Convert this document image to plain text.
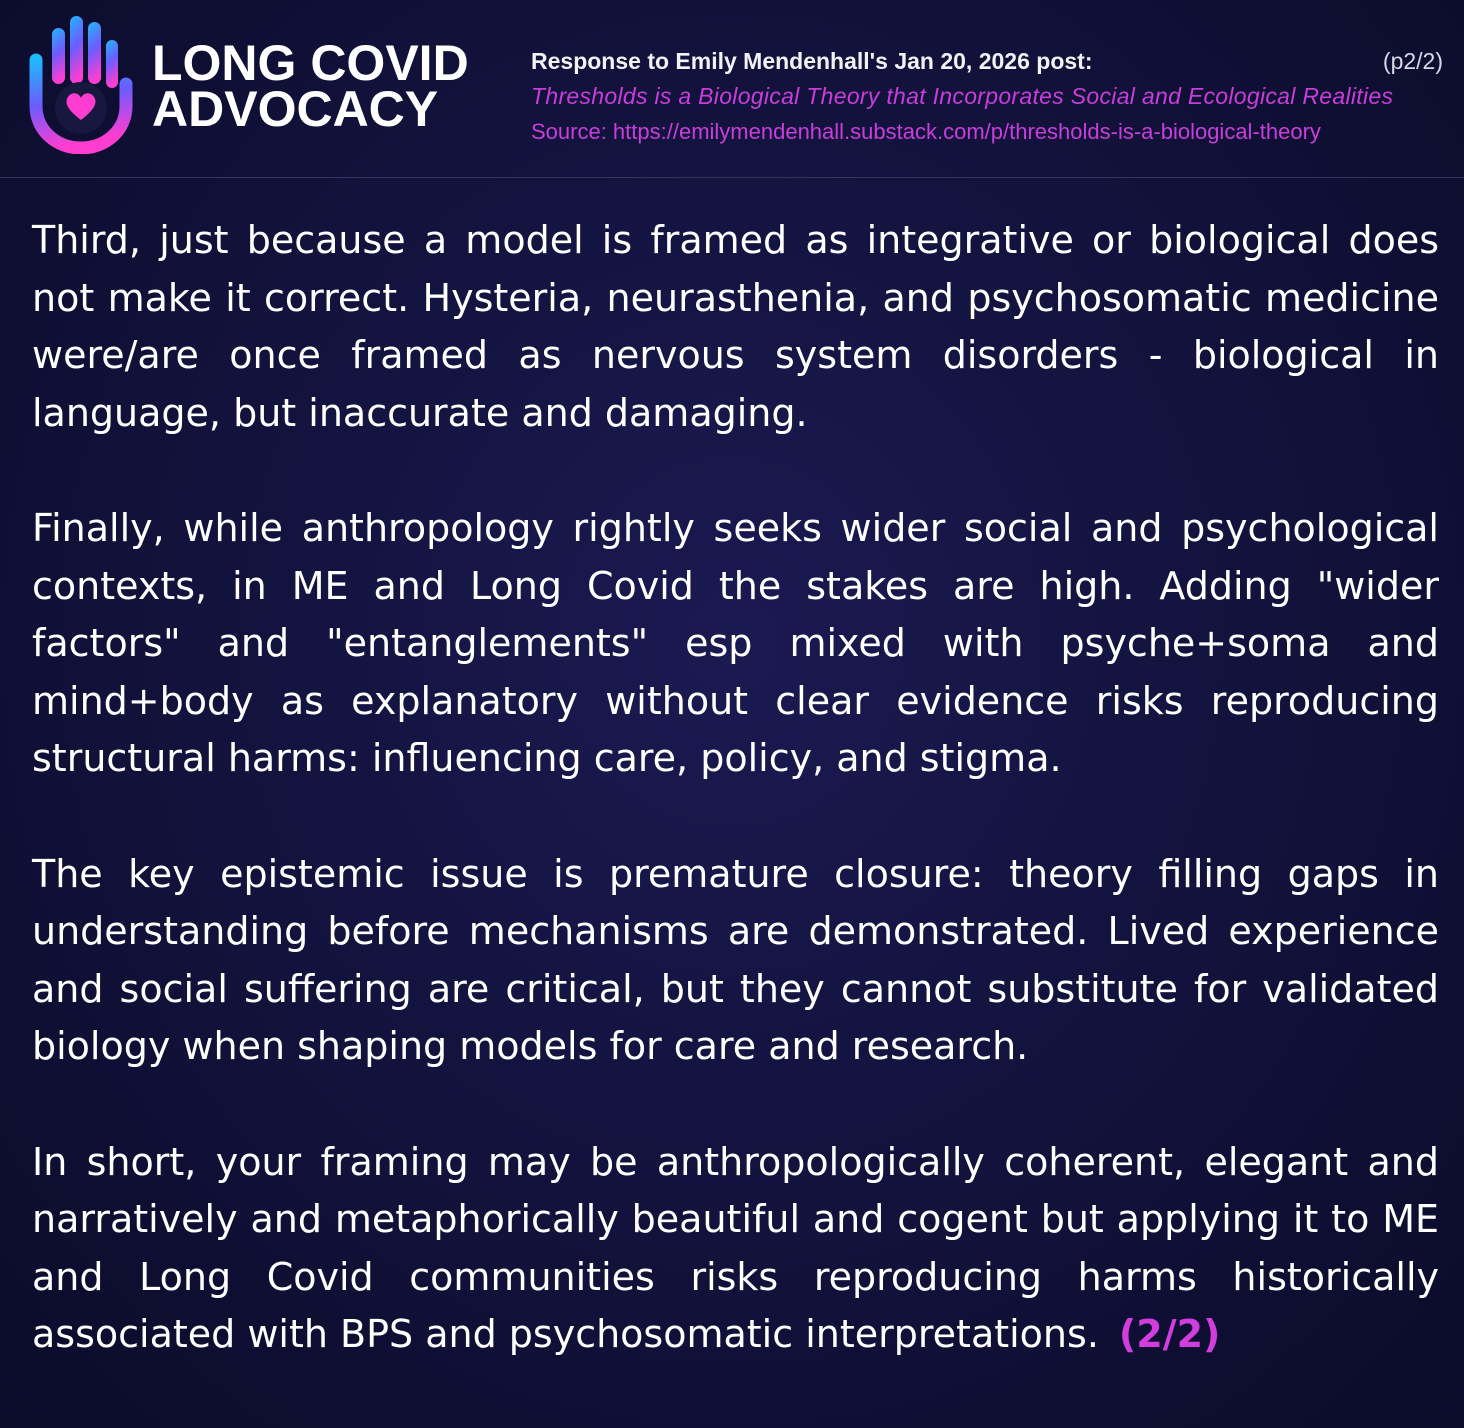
LONG COVID
ADVOCACY
Response to Emily Mendenhall's Jan 20, 2026 post:	(p2/2)
Thresholds is a Biological Theory that Incorporates Social and Ecological Realities
Source: https://emilymendenhall.substack.com/p/thresholds-is-a-biological-theory

Third, just because a model is framed as integrative or biological does not make it correct. Hysteria, neurasthenia, and psychosomatic medicine were/are once framed as nervous system disorders - biological in language, but inaccurate and damaging.

Finally, while anthropology rightly seeks wider social and psychological contexts, in ME and Long Covid the stakes are high. Adding "wider factors" and "entanglements" esp mixed with psyche+soma and mind+body as explanatory without clear evidence risks reproducing structural harms: influencing care, policy, and stigma.

The key epistemic issue is premature closure: theory filling gaps in understanding before mechanisms are demonstrated. Lived experience and social suffering are critical, but they cannot substitute for validated biology when shaping models for care and research.

In short, your framing may be anthropologically coherent, elegant and narratively and metaphorically beautiful and cogent but applying it to ME and Long Covid communities risks reproducing harms historically associated with BPS and psychosomatic interpretations. (2/2)
